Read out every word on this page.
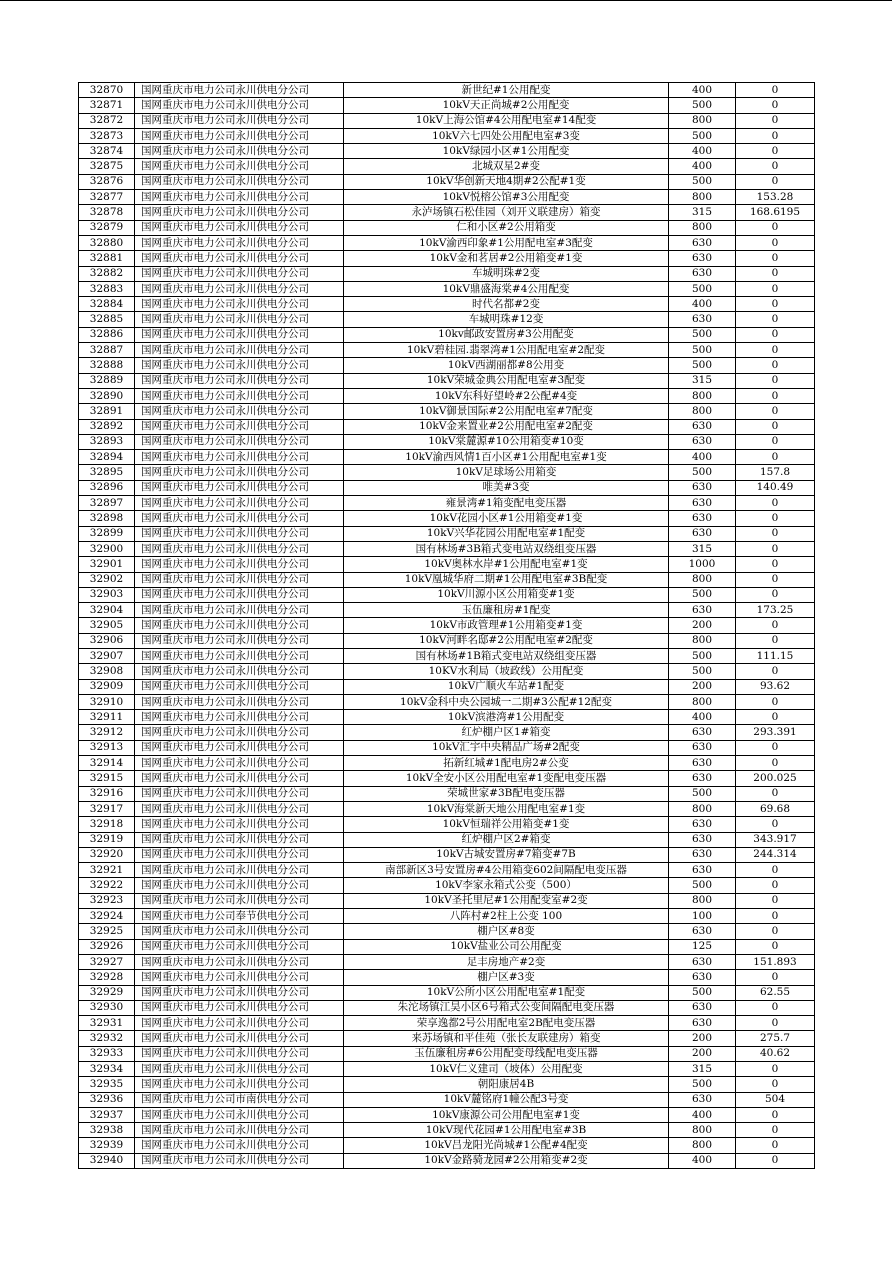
32870	国网重庆市电力公司永川供电分公司	新世纪#1公用配变	400	0
32871	国网重庆市电力公司永川供电分公司	10kV天正尚城#2公用配变	500	0
32872	国网重庆市电力公司永川供电分公司	10kV上海公馆#4公用配电室#14配变	800	0
32873	国网重庆市电力公司永川供电分公司	10kV六七四处公用配电室#3变	500	0
32874	国网重庆市电力公司永川供电分公司	10kV绿园小区#1公用配变	400	0
32875	国网重庆市电力公司永川供电分公司	北城双星2#变	400	0
32876	国网重庆市电力公司永川供电分公司	10kV华创新天地4期#2公配#1变	500	0
32877	国网重庆市电力公司永川供电分公司	10kV悦榕公馆#3公用配变	800	153.28
32878	国网重庆市电力公司永川供电分公司	永泸场镇石松佳园（刘开义联建房）箱变	315	168.6195
32879	国网重庆市电力公司永川供电分公司	仁和小区#2公用箱变	800	0
32880	国网重庆市电力公司永川供电分公司	10kV渝西印象#1公用配电室#3配变	630	0
32881	国网重庆市电力公司永川供电分公司	10kV金和茗居#2公用箱变#1变	630	0
32882	国网重庆市电力公司永川供电分公司	车城明珠#2变	630	0
32883	国网重庆市电力公司永川供电分公司	10kV鼎盛海棠#4公用配变	500	0
32884	国网重庆市电力公司永川供电分公司	时代名都#2变	400	0
32885	国网重庆市电力公司永川供电分公司	车城明珠#12变	630	0
32886	国网重庆市电力公司永川供电分公司	10kv邮政安置房#3公用配变	500	0
32887	国网重庆市电力公司永川供电分公司	10kV碧桂园.翡翠湾#1公用配电室#2配变	500	0
32888	国网重庆市电力公司永川供电分公司	10kV西湖丽都#8公用变	500	0
32889	国网重庆市电力公司永川供电分公司	10kV荣城金典公用配电室#3配变	315	0
32890	国网重庆市电力公司永川供电分公司	10kV东科好望岭#2公配#4变	800	0
32891	国网重庆市电力公司永川供电分公司	10kV御景国际#2公用配电室#7配变	800	0
32892	国网重庆市电力公司永川供电分公司	10kV金来置业#2公用配电室#2配变	630	0
32893	国网重庆市电力公司永川供电分公司	10kV棠麓源#10公用箱变#10变	630	0
32894	国网重庆市电力公司永川供电分公司	10kV渝西风情1百小区#1公用配电室#1变	400	0
32895	国网重庆市电力公司永川供电分公司	10kV足球场公用箱变	500	157.8
32896	国网重庆市电力公司永川供电分公司	唯美#3变	630	140.49
32897	国网重庆市电力公司永川供电分公司	雍景湾#1箱变配电变压器	630	0
32898	国网重庆市电力公司永川供电分公司	10kV花园小区#1公用箱变#1变	630	0
32899	国网重庆市电力公司永川供电分公司	10kV兴华花园公用配电室#1配变	630	0
32900	国网重庆市电力公司永川供电分公司	国有林场#3B箱式变电站双绕组变压器	315	0
32901	国网重庆市电力公司永川供电分公司	10kV奥林水岸#1公用配电室#1变	1000	0
32902	国网重庆市电力公司永川供电分公司	10kV凰城华府二期#1公用配电室#3B配变	800	0
32903	国网重庆市电力公司永川供电分公司	10kV川源小区公用箱变#1变	500	0
32904	国网重庆市电力公司永川供电分公司	玉伍廉租房#1配变	630	173.25
32905	国网重庆市电力公司永川供电分公司	10kV市政管理#1公用箱变#1变	200	0
32906	国网重庆市电力公司永川供电分公司	10kV河畔名邸#2公用配电室#2配变	800	0
32907	国网重庆市电力公司永川供电分公司	国有林场#1B箱式变电站双绕组变压器	500	111.15
32908	国网重庆市电力公司永川供电分公司	10KV水利局（坡政线）公用配变	500	0
32909	国网重庆市电力公司永川供电分公司	10kV广顺火车站#1配变	200	93.62
32910	国网重庆市电力公司永川供电分公司	10kV金科中央公园城一二期#3公配#12配变	800	0
32911	国网重庆市电力公司永川供电分公司	10kV滨港湾#1公用配变	400	0
32912	国网重庆市电力公司永川供电分公司	红炉棚户区1#箱变	630	293.391
32913	国网重庆市电力公司永川供电分公司	10kV汇宇中央精品广场#2配变	630	0
32914	国网重庆市电力公司永川供电分公司	拓新红城#1配电房2#公变	630	0
32915	国网重庆市电力公司永川供电分公司	10kV全安小区公用配电室#1变配电变压器	630	200.025
32916	国网重庆市电力公司永川供电分公司	荣城世家#3B配电变压器	500	0
32917	国网重庆市电力公司永川供电分公司	10kV海棠新天地公用配电室#1变	800	69.68
32918	国网重庆市电力公司永川供电分公司	10kV恒瑞祥公用箱变#1变	630	0
32919	国网重庆市电力公司永川供电分公司	红炉棚户区2#箱变	630	343.917
32920	国网重庆市电力公司永川供电分公司	10kV古城安置房#7箱变#7B	630	244.314
32921	国网重庆市电力公司永川供电分公司	南部新区3号安置房#4公用箱变602间隔配电变压器	630	0
32922	国网重庆市电力公司永川供电分公司	10kV李家永箱式公变（500）	500	0
32923	国网重庆市电力公司永川供电分公司	10kV圣托里尼#1公用配变室#2变	800	0
32924	国网重庆市电力公司奉节供电分公司	八阵村#2柱上公变 100	100	0
32925	国网重庆市电力公司永川供电分公司	棚户区#8变	630	0
32926	国网重庆市电力公司永川供电分公司	10kV盐业公司公用配变	125	0
32927	国网重庆市电力公司永川供电分公司	足丰房地产#2变	630	151.893
32928	国网重庆市电力公司永川供电分公司	棚户区#3变	630	0
32929	国网重庆市电力公司永川供电分公司	10kV公所小区公用配电室#1配变	500	62.55
32930	国网重庆市电力公司永川供电分公司	朱沱场镇江昊小区6号箱式公变间隔配电变压器	630	0
32931	国网重庆市电力公司永川供电分公司	荣享逸都2号公用配电室2B配电变压器	630	0
32932	国网重庆市电力公司永川供电分公司	来苏场镇和平佳苑（张长友联建房）箱变	200	275.7
32933	国网重庆市电力公司永川供电分公司	玉伍廉租房#6公用配变母线配电变压器	200	40.62
32934	国网重庆市电力公司永川供电分公司	10kV仁义建司（坡体）公用配变	315	0
32935	国网重庆市电力公司永川供电分公司	朝阳康居4B	500	0
32936	国网重庆市电力公司市南供电分公司	10kV麓铭府1幢公配3号变	630	504
32937	国网重庆市电力公司永川供电分公司	10kV康源公司公用配电室#1变	400	0
32938	国网重庆市电力公司永川供电分公司	10kV现代花园#1公用配电室#3B	800	0
32939	国网重庆市电力公司永川供电分公司	10kV吕龙阳光尚城#1公配#4配变	800	0
32940	国网重庆市电力公司永川供电分公司	10kV金路骑龙园#2公用箱变#2变	400	0
